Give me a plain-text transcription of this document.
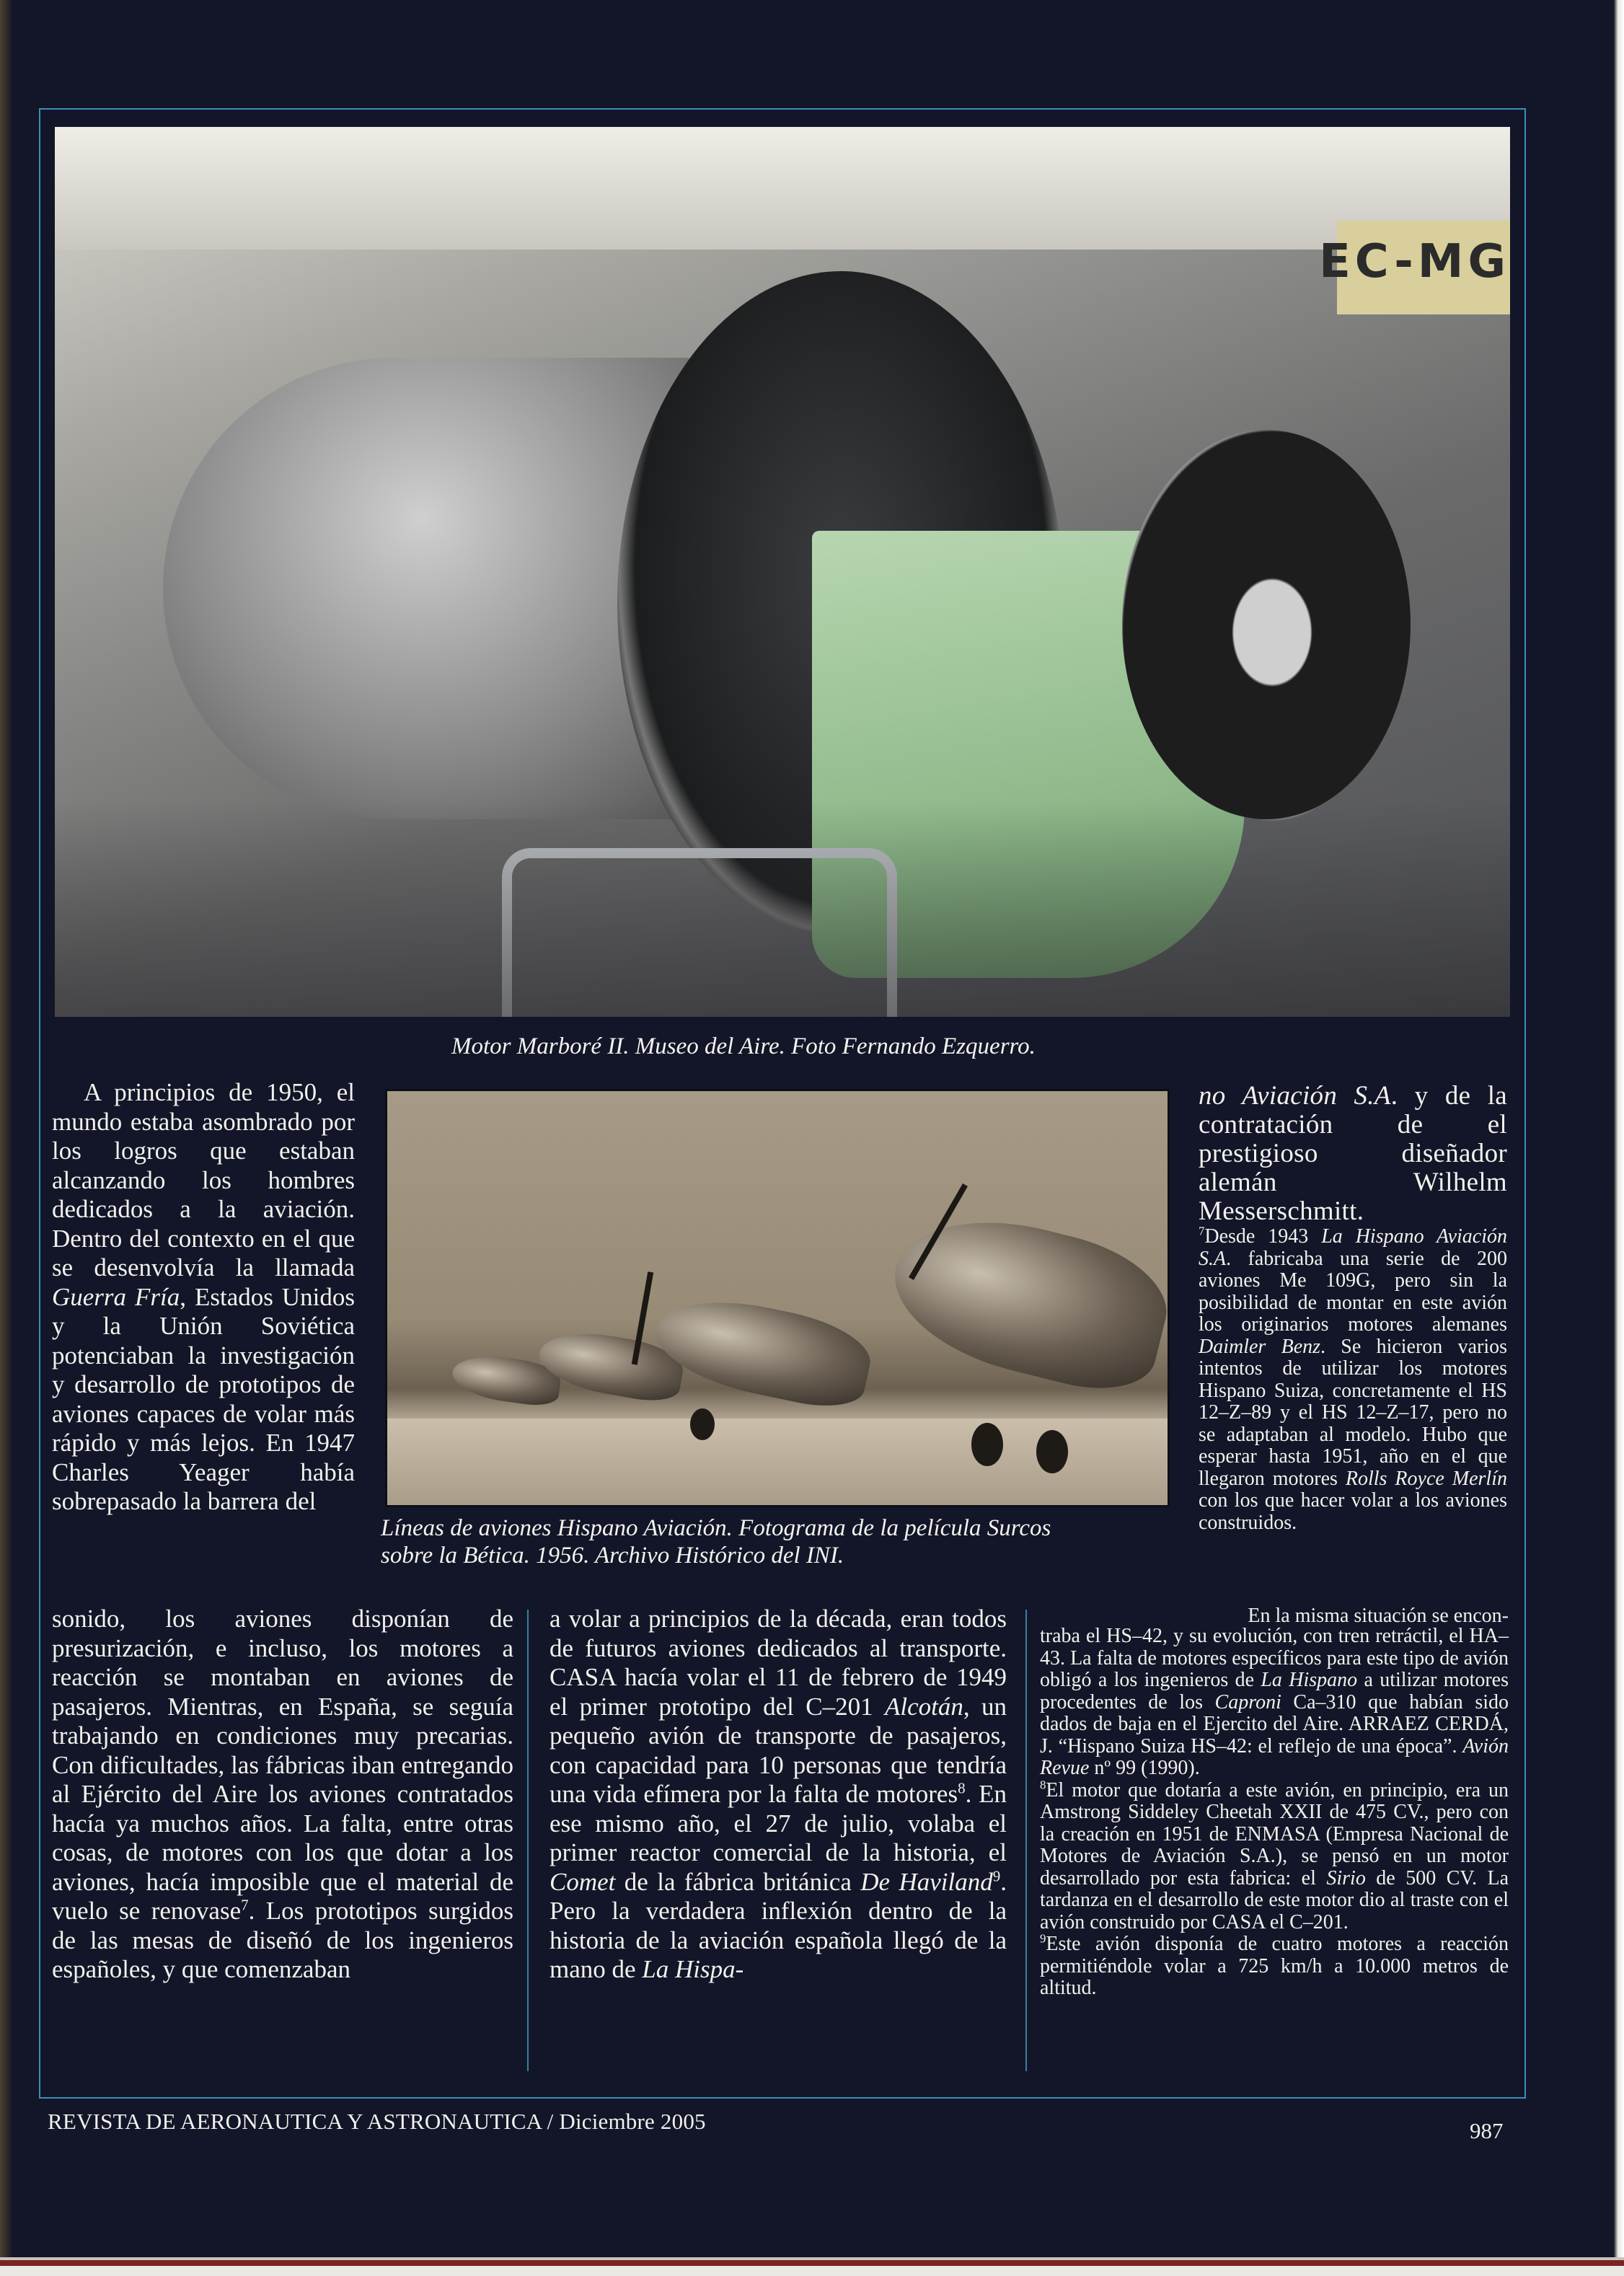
EC-MG
Motor Marboré II. Museo del Aire. Foto Fernando Ezquerro.

A principios de 1950, el mundo estaba asombrado por los logros que estaban alcanzando los hombres dedicados a la aviación. Dentro del contexto en el que se desenvolvía la llamada Guerra Fría, Estados Unidos y la Unión Soviética potenciaban la investigación y desarrollo de prototipos de aviones capaces de volar más rápido y más lejos. En 1947 Charles Yeager había sobrepasado la barrera del

Líneas de aviones Hispano Aviación. Fotograma de la película Surcos
sobre la Bética. 1956. Archivo Histórico del INI.

no Aviación S.A. y de la contratación de el prestigioso diseñador alemán Wilhelm Messerschmitt.

$^7$Desde 1943 La Hispano Aviación S.A. fabricaba una serie de 200 aviones Me 109G, pero sin la posibilidad de montar en este avión los originarios motores alemanes Daimler Benz. Se hicieron varios intentos de utilizar los motores Hispano Suiza, concretamente el HS 12–Z–89 y el HS 12–Z–17, pero no se adaptaban al modelo. Hubo que esperar hasta 1951, año en el que llegaron motores Rolls Royce Merlín con los que hacer volar a los aviones construidos.

En la misma situación se encon-

sonido, los aviones disponían de presurización, e incluso, los motores a reacción se montaban en aviones de pasajeros. Mientras, en España, se seguía trabajando en condiciones muy precarias. Con dificultades, las fábricas iban entregando al Ejército del Aire los aviones contratados hacía ya muchos años. La falta, entre otras cosas, de motores con los que dotar a los aviones, hacía imposible que el material de vuelo se renovase$^7$. Los prototipos surgidos de las mesas de diseñó de los ingenieros españoles, y que comenzaban

a volar a principios de la década, eran todos de futuros aviones dedicados al transporte. CASA hacía volar el 11 de febrero de 1949 el primer prototipo del C–201 Alcotán, un pequeño avión de transporte de pasajeros, con capacidad para 10 personas que tendría una vida efímera por la falta de motores$^8$. En ese mismo año, el 27 de julio, volaba el primer reactor comercial de la historia, el Comet de la fábrica británica De Haviland$^9$. Pero la verdadera inflexión dentro de la historia de la aviación española llegó de la mano de La Hispa-

traba el HS–42, y su evolución, con tren retráctil, el HA–43. La falta de motores específicos para este tipo de avión obligó a los ingenieros de La Hispano a utilizar motores procedentes de los Caproni Ca–310 que habían sido dados de baja en el Ejercito del Aire. ARRAEZ CERDÁ, J. “Hispano Suiza HS–42: el reflejo de una época”. Avión Revue nº 99 (1990).

$^8$El motor que dotaría a este avión, en principio, era un Amstrong Siddeley Cheetah XXII de 475 CV., pero con la creación en 1951 de ENMASA (Empresa Nacional de Motores de Aviación S.A.), se pensó en un motor desarrollado por esta fabrica: el Sirio de 500 CV. La tardanza en el desarrollo de este motor dio al traste con el avión construido por CASA el C–201.

$^9$Este avión disponía de cuatro motores a reacción permitiéndole volar a 725 km/h a 10.000 metros de altitud.

REVISTA DE AERONAUTICA Y ASTRONAUTICA / Diciembre 2005	987
